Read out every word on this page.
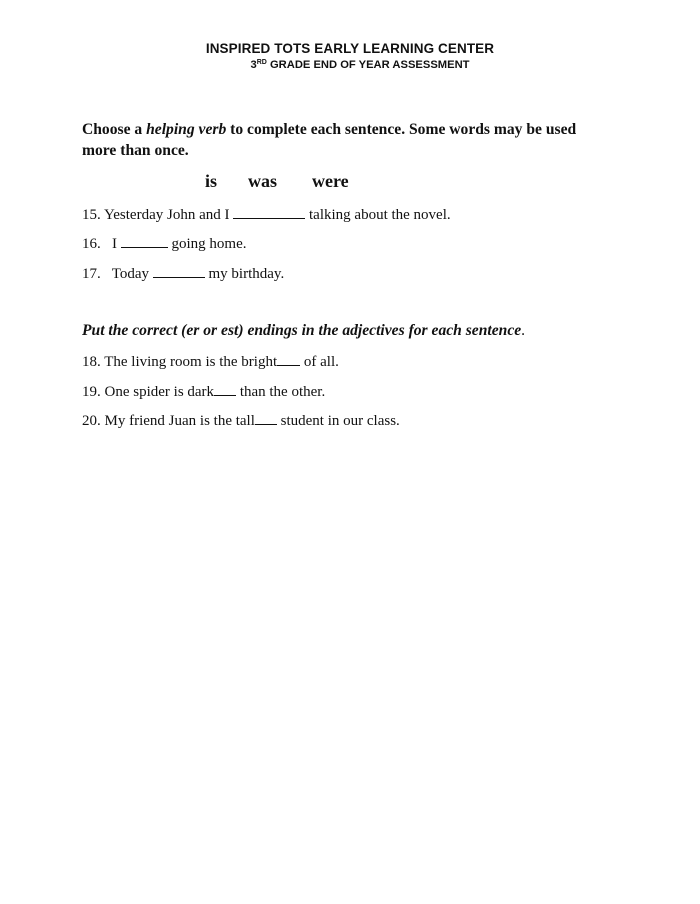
INSPIRED TOTS EARLY LEARNING CENTER
3RD GRADE END OF YEAR ASSESSMENT
Choose a helping verb to complete each sentence. Some words may be used more than once.
is was were
15. Yesterday John and I	talking about the novel.
16.   I	going home.
17.   Today	my birthday.
Put the correct (er or est) endings in the adjectives for each sentence.
18. The living room is the bright of all.
19. One spider is dark than the other.
20. My friend Juan is the tall student in our class.
